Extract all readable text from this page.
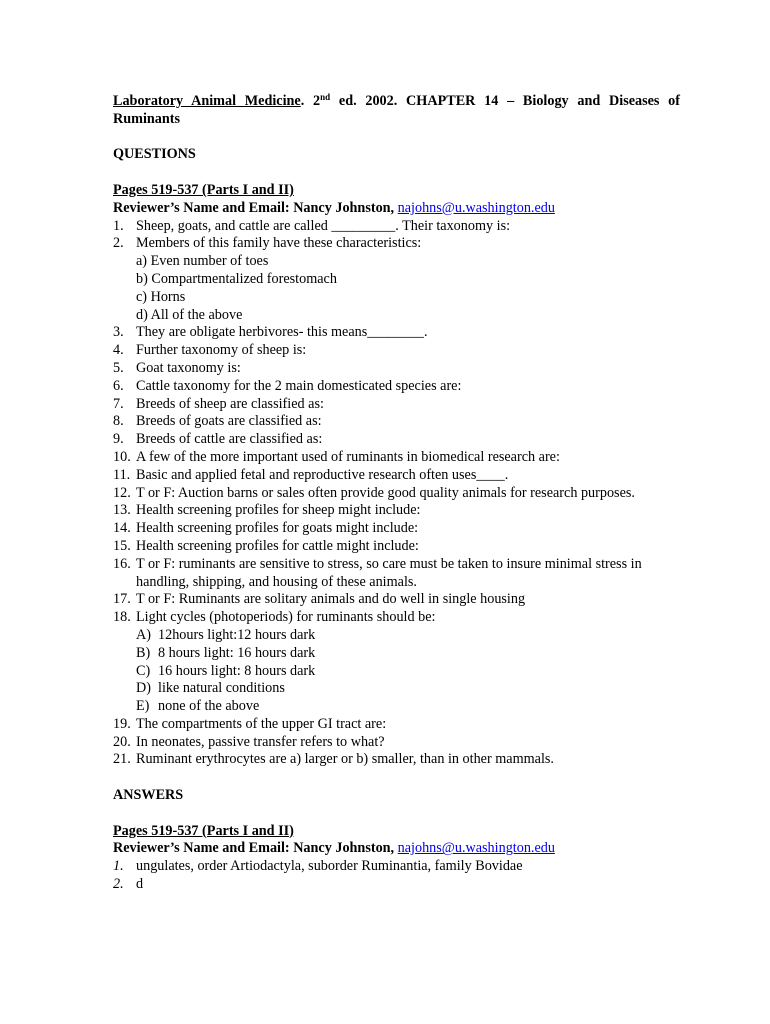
Laboratory Animal Medicine. 2nd ed. 2002. CHAPTER 14 – Biology and Diseases of Ruminants
QUESTIONS
Pages 519-537 (Parts I and II)
Reviewer’s Name and Email: Nancy Johnston, najohns@u.washington.edu
1. Sheep, goats, and cattle are called _________. Their taxonomy is:
2. Members of this family have these characteristics:
a) Even number of toes
b) Compartmentalized forestomach
c) Horns
d) All of the above
3. They are obligate herbivores- this means________.
4. Further taxonomy of sheep is:
5. Goat taxonomy is:
6. Cattle taxonomy for the 2 main domesticated species are:
7. Breeds of sheep are classified as:
8. Breeds of goats are classified as:
9. Breeds of cattle are classified as:
10. A few of the more important used of ruminants in biomedical research are:
11. Basic and applied fetal and reproductive research often uses____.
12. T or F: Auction barns or sales often provide good quality animals for research purposes.
13. Health screening profiles for sheep might include:
14. Health screening profiles for goats might include:
15. Health screening profiles for cattle might include:
16. T or F: ruminants are sensitive to stress, so care must be taken to insure minimal stress in handling, shipping, and housing of these animals.
17. T or F: Ruminants are solitary animals and do well in single housing
18. Light cycles (photoperiods) for ruminants should be:
A) 12hours light:12 hours dark
B) 8 hours light: 16 hours dark
C) 16 hours light: 8 hours dark
D) like natural conditions
E) none of the above
19. The compartments of the upper GI tract are:
20. In neonates, passive transfer refers to what?
21. Ruminant erythrocytes are a) larger or b) smaller, than in other mammals.
ANSWERS
Pages 519-537 (Parts I and II)
Reviewer’s Name and Email: Nancy Johnston, najohns@u.washington.edu
1. ungulates, order Artiodactyla, suborder Ruminantia, family Bovidae
2. d
